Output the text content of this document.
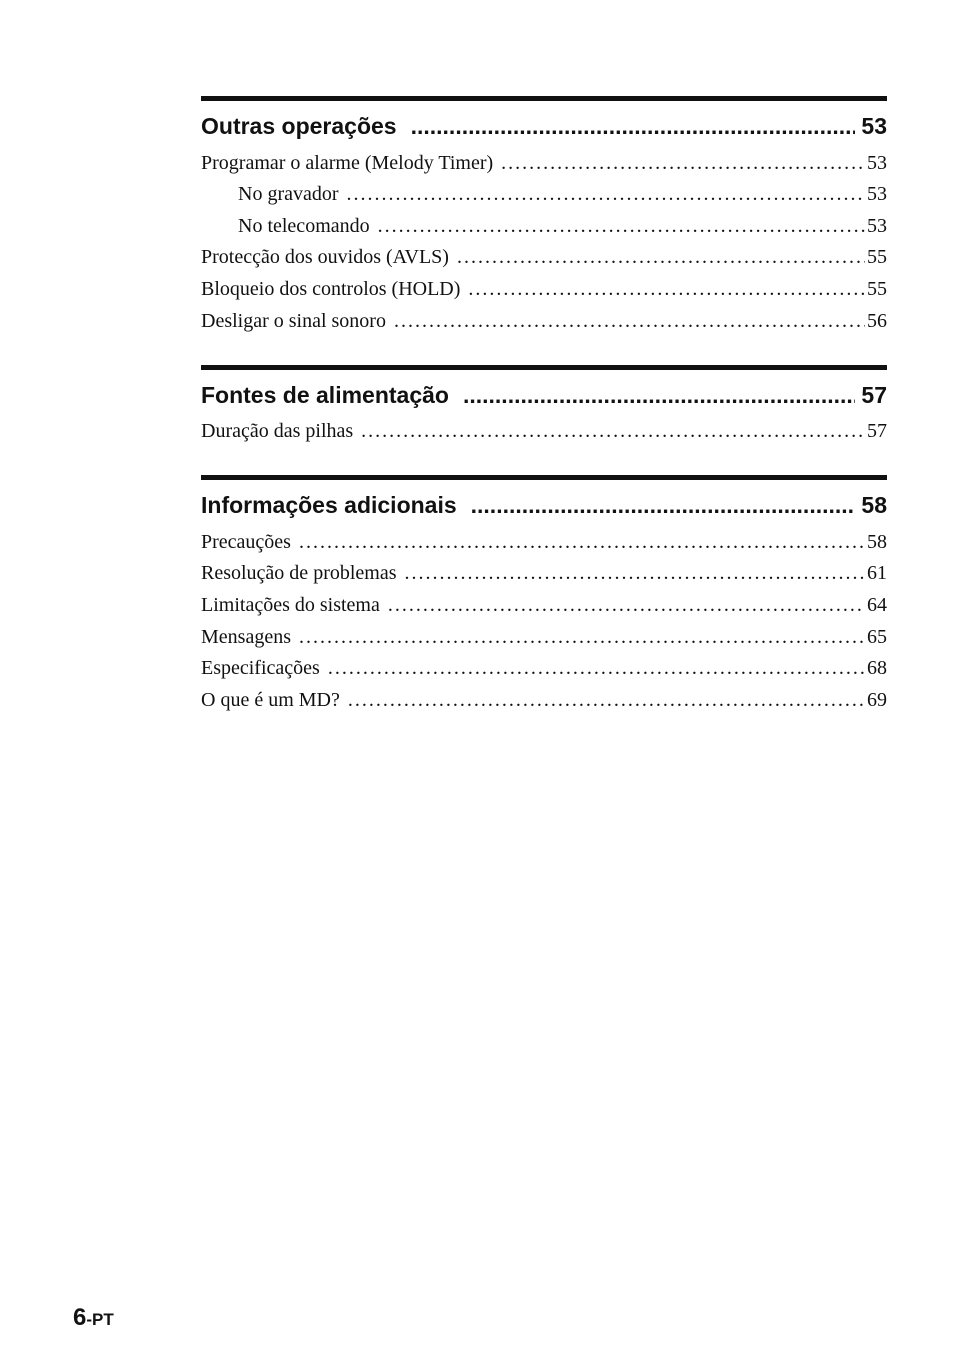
Outras operações .....	53
Programar o alarme (Melody Timer) . . .	53
No gravador . . .	53
No telecomando . . .	53
Protecção dos ouvidos (AVLS) . . .	55
Bloqueio dos controlos (HOLD) . . .	55
Desligar o sinal sonoro . . .	56
Fontes de alimentação .....	57
Duração das pilhas . . .	57
Informações adicionais .....	58
Precauções . . .	58
Resolução de problemas . . .	61
Limitações do sistema . . .	64
Mensagens . . .	65
Especificações . . .	68
O que é um MD? . . .	69
6-PT
